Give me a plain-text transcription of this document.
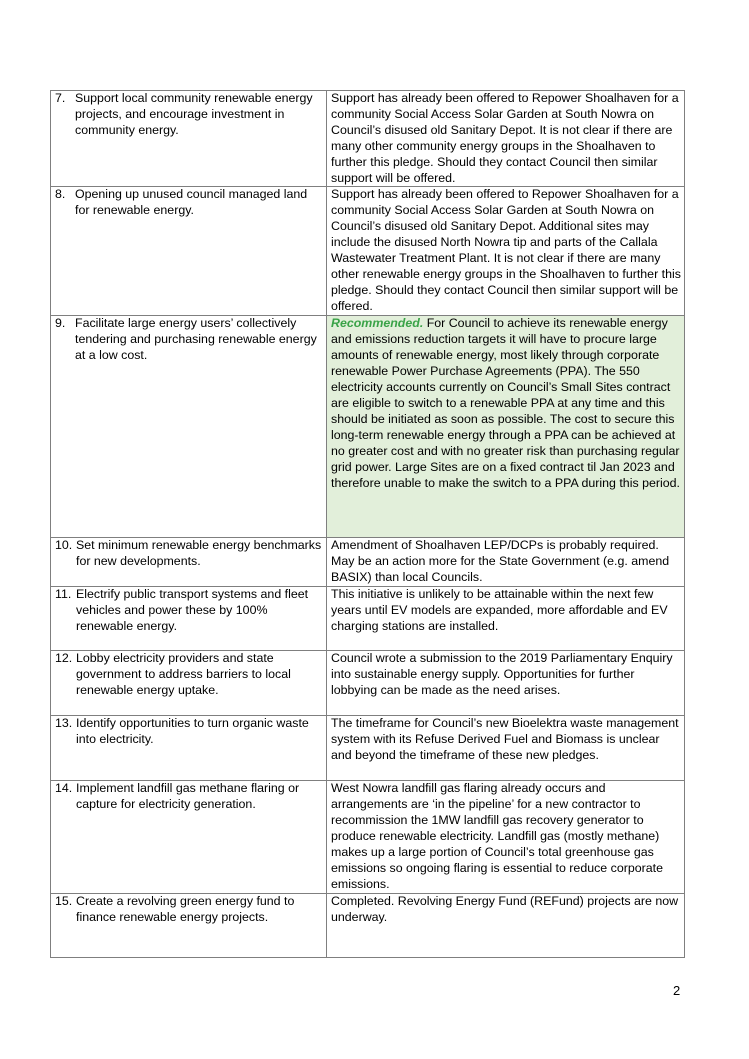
7. Support local community renewable energy projects, and encourage investment in community energy.	Support has already been offered to Repower Shoalhaven for a community Social Access Solar Garden at South Nowra on Council’s disused old Sanitary Depot. It is not clear if there are many other community energy groups in the Shoalhaven to further this pledge. Should they contact Council then similar support will be offered.

8. Opening up unused council managed land for renewable energy.	Support has already been offered to Repower Shoalhaven for a community Social Access Solar Garden at South Nowra on Council’s disused old Sanitary Depot. Additional sites may include the disused North Nowra tip and parts of the Callala Wastewater Treatment Plant. It is not clear if there are many other renewable energy groups in the Shoalhaven to further this pledge. Should they contact Council then similar support will be offered.

9. Facilitate large energy users’ collectively tendering and purchasing renewable energy at a low cost.	Recommended. For Council to achieve its renewable energy and emissions reduction targets it will have to procure large amounts of renewable energy, most likely through corporate renewable Power Purchase Agreements (PPA). The 550 electricity accounts currently on Council’s Small Sites contract are eligible to switch to a renewable PPA at any time and this should be initiated as soon as possible. The cost to secure this long-term renewable energy through a PPA can be achieved at no greater cost and with no greater risk than purchasing regular grid power. Large Sites are on a fixed contract til Jan 2023 and therefore unable to make the switch to a PPA during this period.

10. Set minimum renewable energy benchmarks for new developments.	Amendment of Shoalhaven LEP/DCPs is probably required. May be an action more for the State Government (e.g. amend BASIX) than local Councils.

11. Electrify public transport systems and fleet vehicles and power these by 100% renewable energy.	This initiative is unlikely to be attainable within the next few years until EV models are expanded, more affordable and EV charging stations are installed.

12. Lobby electricity providers and state government to address barriers to local renewable energy uptake.	Council wrote a submission to the 2019 Parliamentary Enquiry into sustainable energy supply. Opportunities for further lobbying can be made as the need arises.

13. Identify opportunities to turn organic waste into electricity.	The timeframe for Council’s new Bioelektra waste management system with its Refuse Derived Fuel and Biomass is unclear and beyond the timeframe of these new pledges.

14. Implement landfill gas methane flaring or capture for electricity generation.	West Nowra landfill gas flaring already occurs and arrangements are ‘in the pipeline’ for a new contractor to recommission the 1MW landfill gas recovery generator to produce renewable electricity. Landfill gas (mostly methane) makes up a large portion of Council’s total greenhouse gas emissions so ongoing flaring is essential to reduce corporate emissions.

15. Create a revolving green energy fund to finance renewable energy projects.	Completed. Revolving Energy Fund (REFund) projects are now underway.
2
